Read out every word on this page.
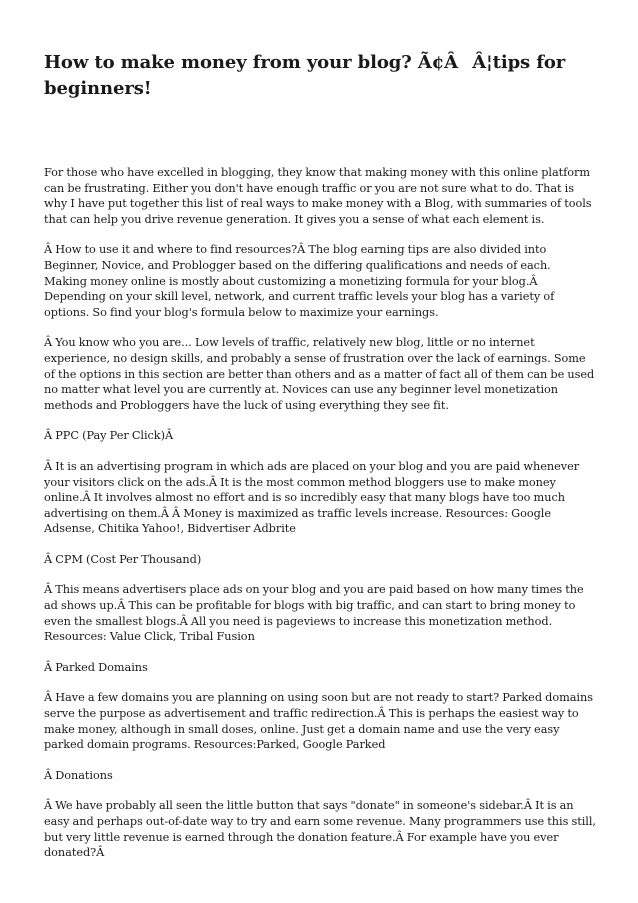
How to make money from your blog? Ã¢ÂÂ¦tips for beginners!

For those who have excelled in blogging, they know that making money with this online platform can be frustrating. Either you don't have enough traffic or you are not sure what to do. That is why I have put together this list of real ways to make money with a Blog, with summaries of tools that can help you drive revenue generation. It gives you a sense of what each element is.

Â How to use it and where to find resources?Â The blog earning tips are also divided into Beginner, Novice, and Problogger based on the differing qualifications and needs of each. Making money online is mostly about customizing a monetizing formula for your blog.Â Depending on your skill level, network, and current traffic levels your blog has a variety of options. So find your blog's formula below to maximize your earnings.

Â You know who you are... Low levels of traffic, relatively new blog, little or no internet experience, no design skills, and probably a sense of frustration over the lack of earnings. Some of the options in this section are better than others and as a matter of fact all of them can be used no matter what level you are currently at. Novices can use any beginner level monetization methods and Probloggers have the luck of using everything they see fit.

Â PPC (Pay Per Click)Â

Â It is an advertising program in which ads are placed on your blog and you are paid whenever your visitors click on the ads.Â It is the most common method bloggers use to make money online.Â It involves almost no effort and is so incredibly easy that many blogs have too much advertising on them.Â Â Money is maximized as traffic levels increase. Resources: Google Adsense, Chitika Yahoo!, Bidvertiser Adbrite

Â CPM (Cost Per Thousand)

Â This means advertisers place ads on your blog and you are paid based on how many times the ad shows up.Â This can be profitable for blogs with big traffic, and can start to bring money to even the smallest blogs.Â All you need is pageviews to increase this monetization method. Resources: Value Click, Tribal Fusion

Â Parked Domains

Â Have a few domains you are planning on using soon but are not ready to start? Parked domains serve the purpose as advertisement and traffic redirection.Â This is perhaps the easiest way to make money, although in small doses, online. Just get a domain name and use the very easy parked domain programs. Resources:Parked, Google Parked

Â Donations

Â We have probably all seen the little button that says "donate" in someone's sidebar.Â It is an easy and perhaps out-of-date way to try and earn some revenue. Many programmers use this still, but very little revenue is earned through the donation feature.Â For example have you ever donated?Â
